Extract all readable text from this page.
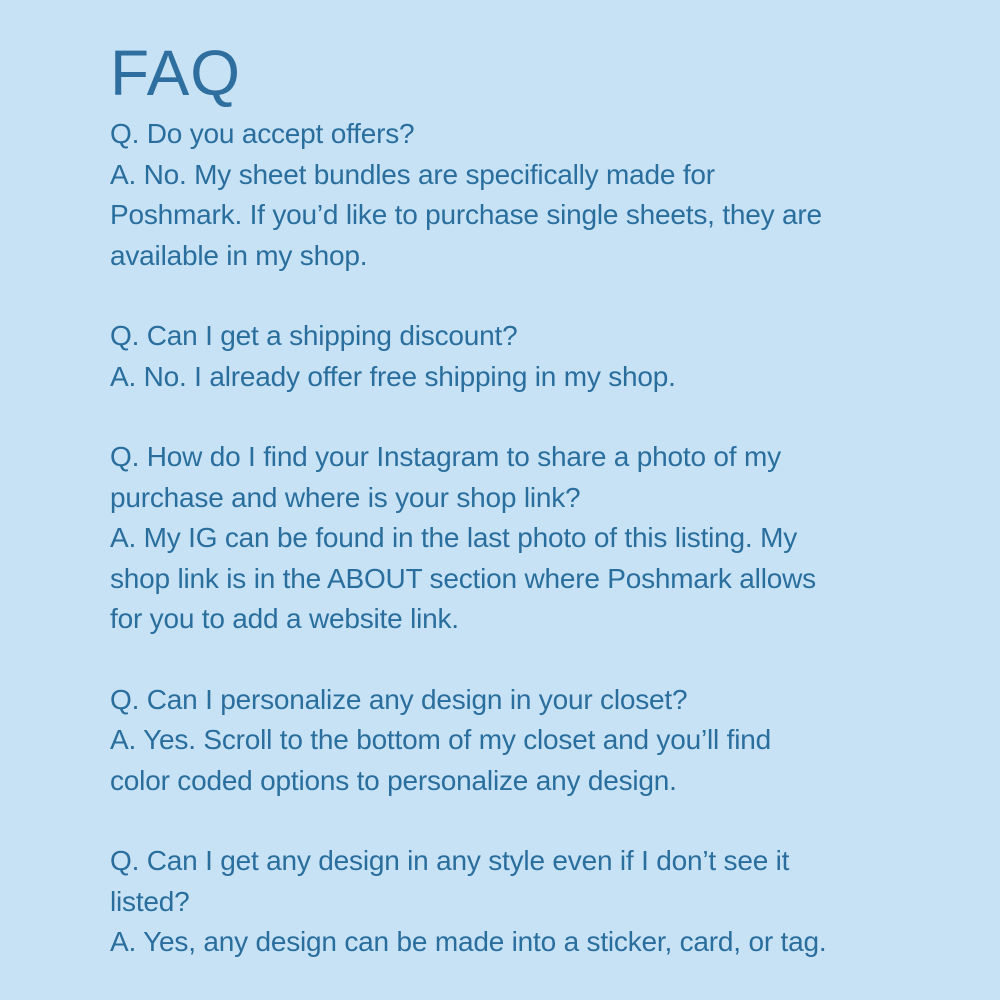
FAQ

Q. Do you accept offers?

A. No. My sheet bundles are specifically made for

Poshmark. If you’d like to purchase single sheets, they are

available in my shop.

Q. Can I get a shipping discount?

A. No. I already offer free shipping in my shop.

Q. How do I find your Instagram to share a photo of my

purchase and where is your shop link?

A. My IG can be found in the last photo of this listing. My

shop link is in the ABOUT section where Poshmark allows

for you to add a website link.

Q. Can I personalize any design in your closet?

A. Yes. Scroll to the bottom of my closet and you’ll find

color coded options to personalize any design.

Q. Can I get any design in any style even if I don’t see it

listed?

A. Yes, any design can be made into a sticker, card, or tag.
